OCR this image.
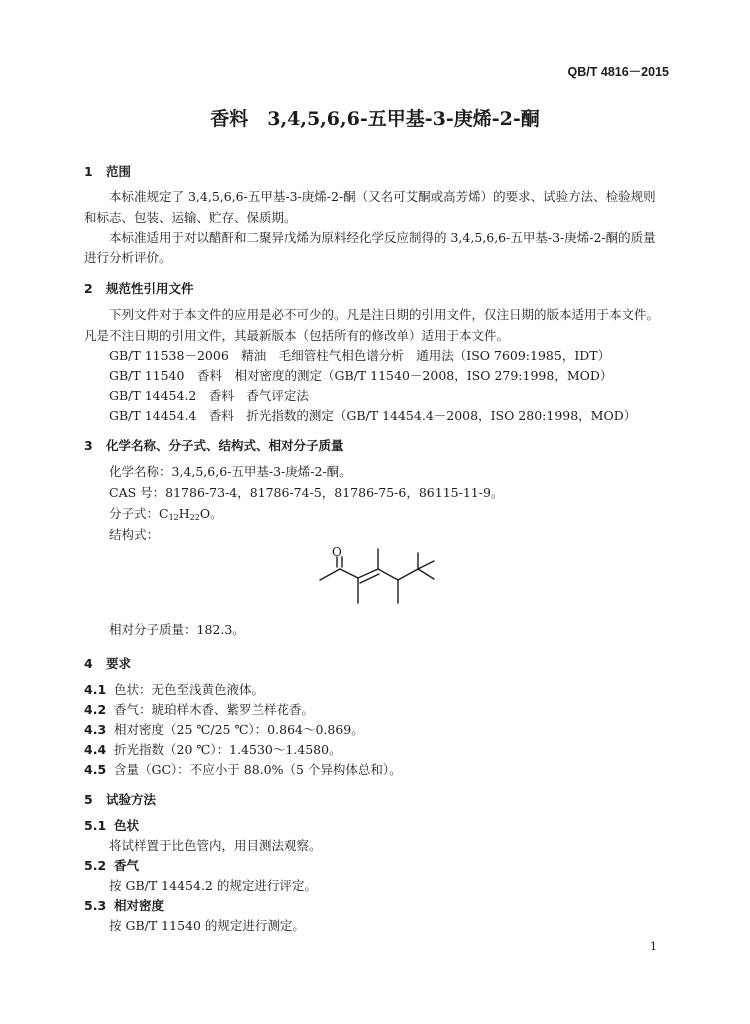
QB/T 4816－2015
香料　3,4,5,6,6-五甲基-3-庚烯-2-酮
1 范围
本标准规定了 3,4,5,6,6-五甲基-3-庚烯-2-酮（又名可艾酮或高芳烯）的要求、试验方法、检验规则
和标志、包装、运输、贮存、保质期。
本标准适用于对以醋酐和二聚异戊烯为原料经化学反应制得的 3,4,5,6,6-五甲基-3-庚烯-2-酮的质量
进行分析评价。
2 规范性引用文件
下列文件对于本文件的应用是必不可少的。凡是注日期的引用文件，仅注日期的版本适用于本文件。
凡是不注日期的引用文件，其最新版本（包括所有的修改单）适用于本文件。
GB/T 11538－2006　精油　毛细管柱气相色谱分析　通用法（ISO 7609:1985，IDT）
GB/T 11540　香料　相对密度的测定（GB/T 11540－2008，ISO 279:1998，MOD）
GB/T 14454.2　香料　香气评定法
GB/T 14454.4　香料　折光指数的测定（GB/T 14454.4－2008，ISO 280:1998，MOD）
3 化学名称、分子式、结构式、相对分子质量
化学名称：3,4,5,6,6-五甲基-3-庚烯-2-酮。
CAS 号：81786-73-4，81786-74-5，81786-75-6，86115-11-9。
分子式：$C_{12}H_{22}O$。
结构式：
O
相对分子质量：182.3。
4 要求
4.1 色状：无色至浅黄色液体。
4.2 香气：琥珀样木香、紫罗兰样花香。
4.3 相对密度（25 ℃/25 ℃）：0.864～0.869。
4.4 折光指数（20 ℃）：1.4530～1.4580。
4.5 含量（GC）：不应小于 88.0%（5 个异构体总和）。
5 试验方法
5.1 色状
将试样置于比色管内，用目测法观察。
5.2 香气
按 GB/T 14454.2 的规定进行评定。
5.3 相对密度
按 GB/T 11540 的规定进行测定。
1
